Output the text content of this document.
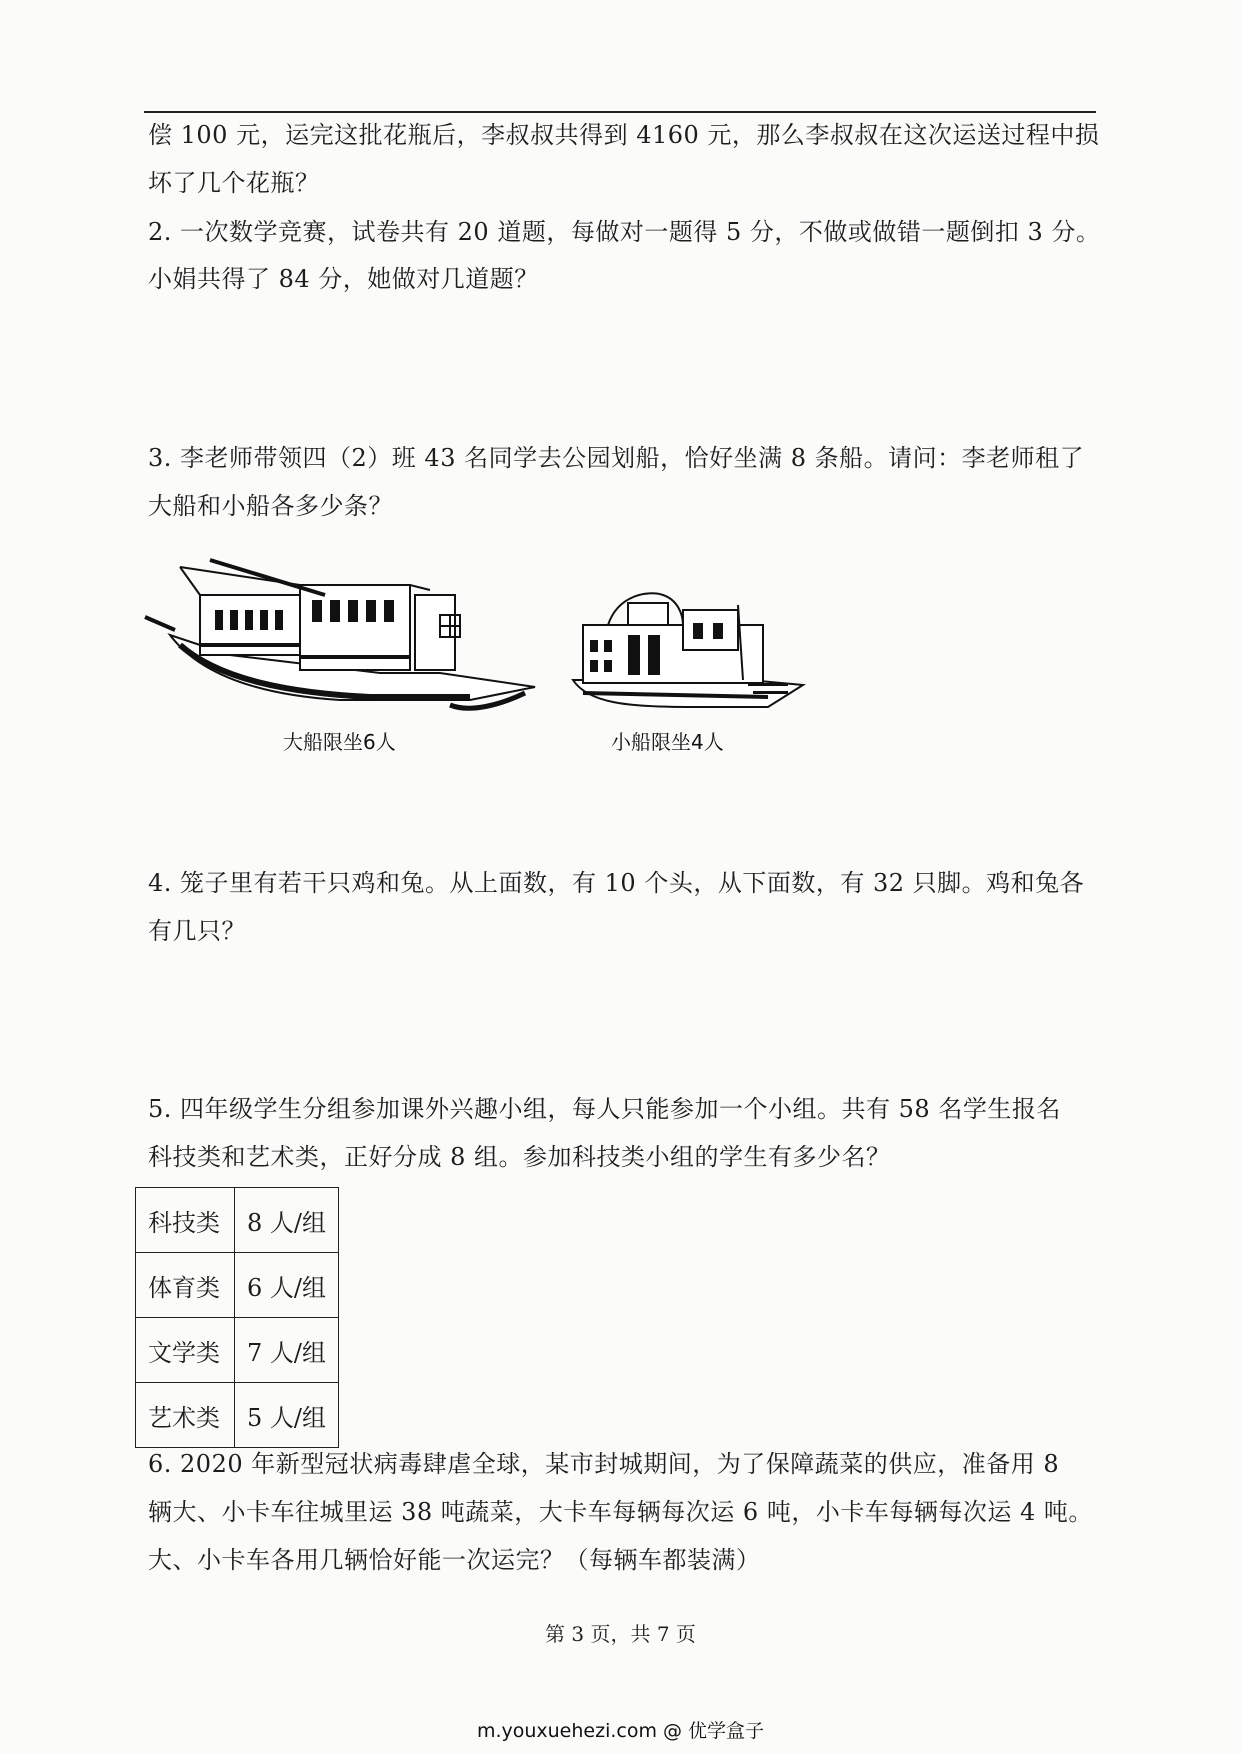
偿 100 元，运完这批花瓶后，李叔叔共得到 4160 元，那么李叔叔在这次运送过程中损
坏了几个花瓶？
2. 一次数学竞赛，试卷共有 20 道题，每做对一题得 5 分，不做或做错一题倒扣 3 分。
小娟共得了 84 分，她做对几道题？
3. 李老师带领四（2）班 43 名同学去公园划船，恰好坐满 8 条船。请问：李老师租了
大船和小船各多少条？
大船限坐6人	小船限坐4人
4. 笼子里有若干只鸡和兔。从上面数，有 10 个头，从下面数，有 32 只脚。鸡和兔各
有几只？
5. 四年级学生分组参加课外兴趣小组，每人只能参加一个小组。共有 58 名学生报名
科技类和艺术类，正好分成 8 组。参加科技类小组的学生有多少名？
科技类	8 人/组
体育类	6 人/组
文学类	7 人/组
艺术类	5 人/组
6. 2020 年新型冠状病毒肆虐全球，某市封城期间，为了保障蔬菜的供应，准备用 8
辆大、小卡车往城里运 38 吨蔬菜，大卡车每辆每次运 6 吨，小卡车每辆每次运 4 吨。
大、小卡车各用几辆恰好能一次运完？（每辆车都装满）
第 3 页，共 7 页
m.youxuehezi.com @ 优学盒子
